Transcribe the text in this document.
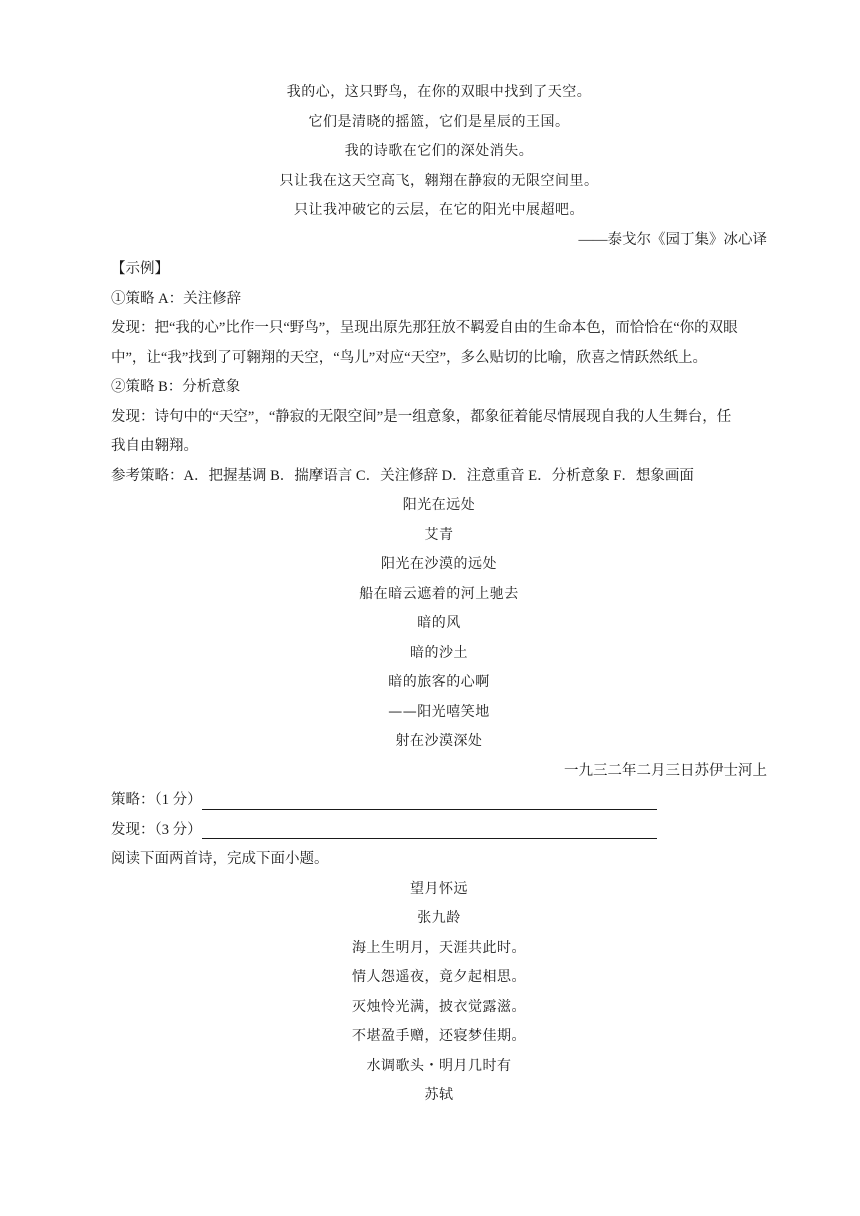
我的心，这只野鸟，在你的双眼中找到了天空。
它们是清晓的摇篮，它们是星辰的王国。
我的诗歌在它们的深处消失。
只让我在这天空高飞，翱翔在静寂的无限空间里。
只让我冲破它的云层，在它的阳光中展超吧。
——泰戈尔《园丁集》冰心译
【示例】
①策略 A：关注修辞
发现：把“我的心”比作一只“野鸟”，呈现出原先那狂放不羁爱自由的生命本色，而恰恰在“你的双眼
中”，让“我”找到了可翱翔的天空，“鸟儿”对应“天空”，多么贴切的比喻，欣喜之情跃然纸上。
②策略 B：分析意象
发现：诗句中的“天空”，“静寂的无限空间”是一组意象，都象征着能尽情展现自我的人生舞台，任
我自由翱翔。
参考策略：A．把握基调 B．揣摩语言 C．关注修辞 D．注意重音 E．分析意象 F．想象画面
阳光在远处
艾青
阳光在沙漠的远处
船在暗云遮着的河上驰去
暗的风
暗的沙土
暗的旅客的心啊
——阳光嘻笑地
射在沙漠深处
一九三二年二月三日苏伊士河上
策略：（1 分）
发现：（3 分）
阅读下面两首诗，完成下面小题。
望月怀远
张九龄
海上生明月，天涯共此时。
情人怨遥夜，竟夕起相思。
灭烛怜光满，披衣觉露滋。
不堪盈手赠，还寝梦佳期。
水调歌头・明月几时有
苏轼
